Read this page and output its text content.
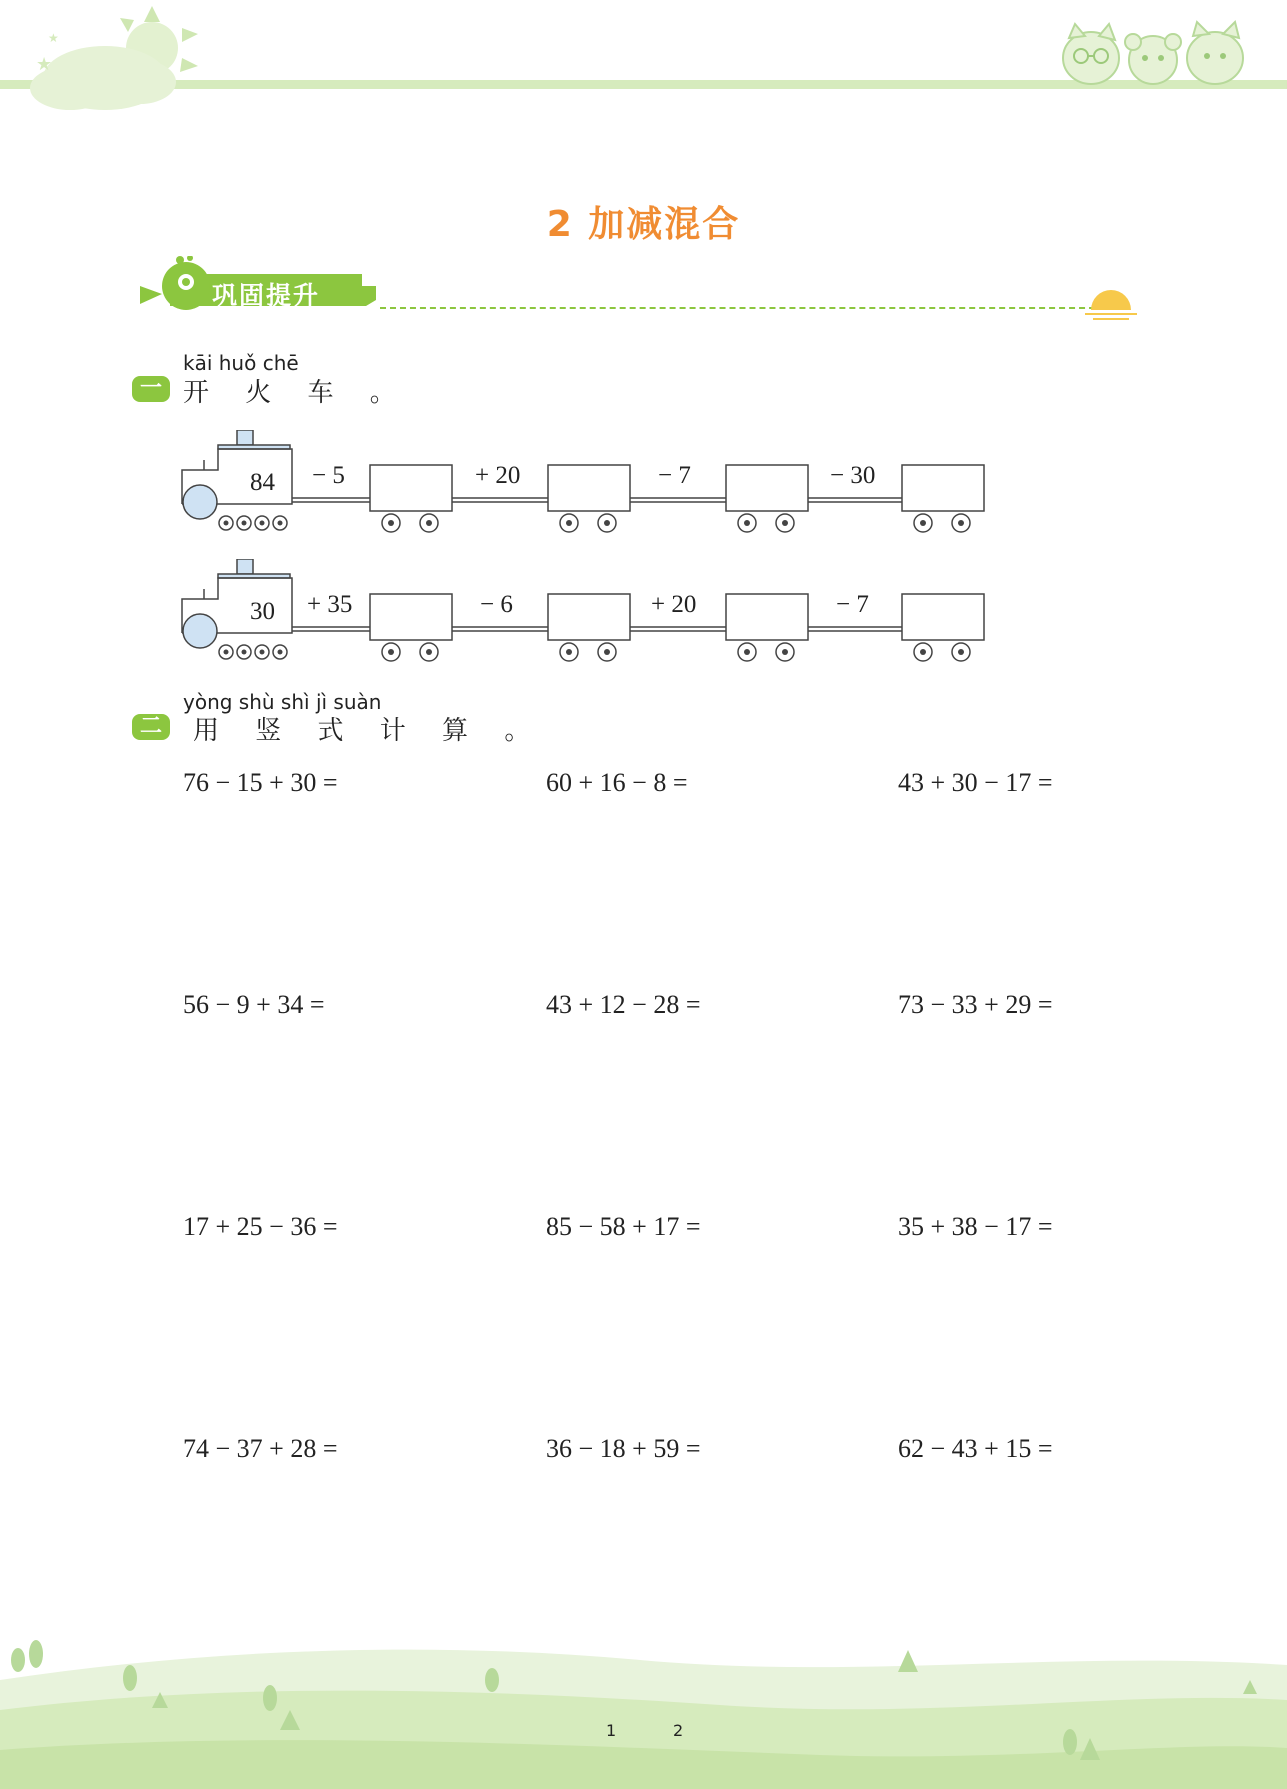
★
★
2 加减混合
巩固提升
kāi huǒ chē
一 开 火 车 。
84 − 5	+ 20	− 7	− 30
30 + 35	− 6	+ 20	− 7
yòng shù shì jì suàn
二	用 竖 式 计 算 。
76 − 15 + 30 =	60 + 16 − 8 =	43 + 30 − 17 =
56 − 9 + 34 =	43 + 12 − 28 =	73 − 33 + 29 =
17 + 25 − 36 =	85 − 58 + 17 =	35 + 38 − 17 =
74 − 37 + 28 =	36 − 18 + 59 =	62 − 43 + 15 =
1	2
